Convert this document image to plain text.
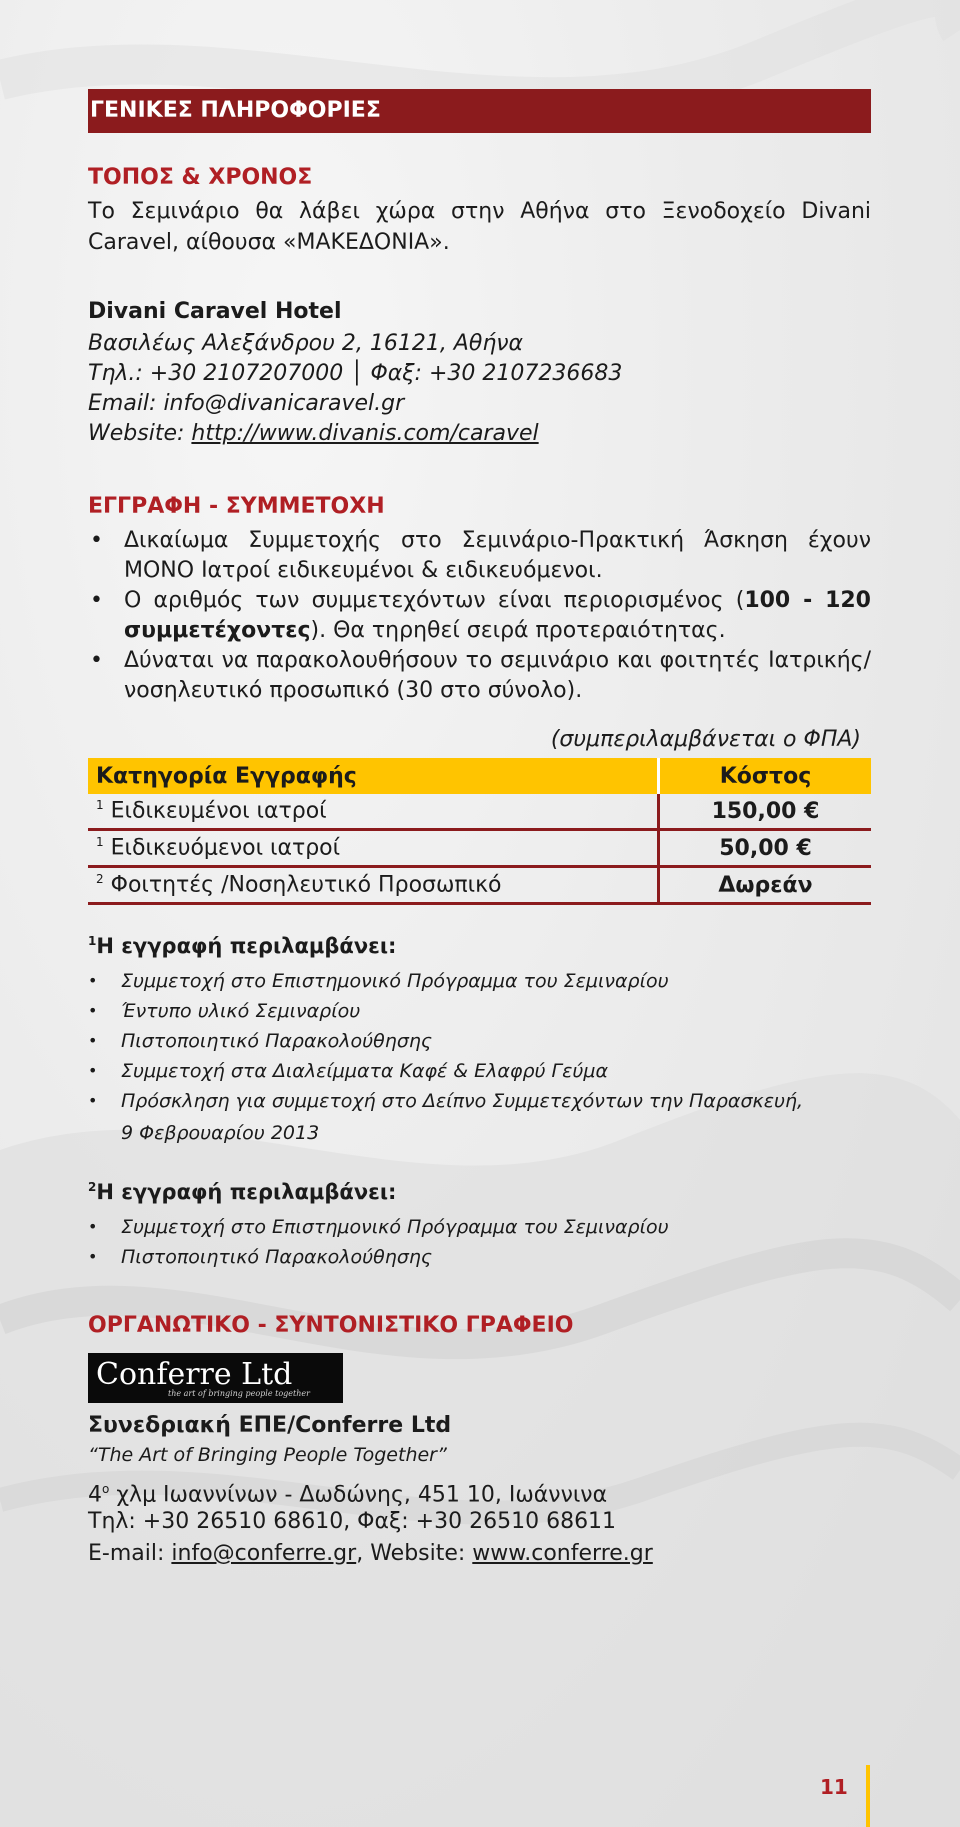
ΓΕΝΙΚΕΣ ΠΛΗΡΟΦΟΡΙΕΣ
ΤΟΠΟΣ & ΧΡΟΝΟΣ
Το Σεμινάριο θα λάβει χώρα στην Αθήνα στο Ξενοδοχείο Divani Caravel, αίθουσα «ΜΑΚΕΔΟΝΙΑ».
Divani Caravel Hotel
Βασιλέως Αλεξάνδρου 2, 16121, Αθήνα
Τηλ.: +30 2107207000 │ Φαξ: +30 2107236683
Email: info@divanicaravel.gr
Website: http://www.divanis.com/caravel
ΕΓΓΡΑΦΗ - ΣΥΜΜΕΤΟΧΗ
• Δικαίωμα Συμμετοχής στο Σεμινάριο-Πρακτική Άσκηση έχουν ΜΟΝΟ Ιατροί ειδικευμένοι & ειδικευόμενοι.
• Ο αριθμός των συμμετεχόντων είναι περιορισμένος (100 - 120 συμμετέχοντες). Θα τηρηθεί σειρά προτεραιότητας.
• Δύναται να παρακολουθήσουν το σεμινάριο και φοιτητές Ιατρικής/ νοσηλευτικό προσωπικό (30 στο σύνολο).
(συμπεριλαμβάνεται ο ΦΠΑ)
Κατηγορία Εγγραφής	Κόστος
$^1$ Ειδικευμένοι ιατροί	150,00 €
$^1$ Ειδικευόμενοι ιατροί	50,00 €
$^2$ Φοιτητές /Νοσηλευτικό Προσωπικό	Δωρεάν
$^1$Η εγγραφή περιλαμβάνει:
• Συμμετοχή στο Επιστημονικό Πρόγραμμα του Σεμιναρίου
• Έντυπο υλικό Σεμιναρίου
• Πιστοποιητικό Παρακολούθησης
• Συμμετοχή στα Διαλείμματα Καφέ & Ελαφρύ Γεύμα
• Πρόσκληση για συμμετοχή στο Δείπνο Συμμετεχόντων την Παρασκευή,
9 Φεβρουαρίου 2013
$^2$Η εγγραφή περιλαμβάνει:
• Συμμετοχή στο Επιστημονικό Πρόγραμμα του Σεμιναρίου
• Πιστοποιητικό Παρακολούθησης
ΟΡΓΑΝΩΤΙΚΟ - ΣΥΝΤΟΝΙΣΤΙΚΟ ΓΡΑΦΕΙΟ
Conferre Ltd
the art of bringing people together
Συνεδριακή ΕΠΕ/Conferre Ltd
“The Art of Bringing People Together”
$4^o$ χλμ Ιωαννίνων - Δωδώνης, 451 10, Ιωάννινα
Τηλ: +30 26510 68610, Φαξ: +30 26510 68611
E-mail: info@conferre.gr, Website: www.conferre.gr
11
